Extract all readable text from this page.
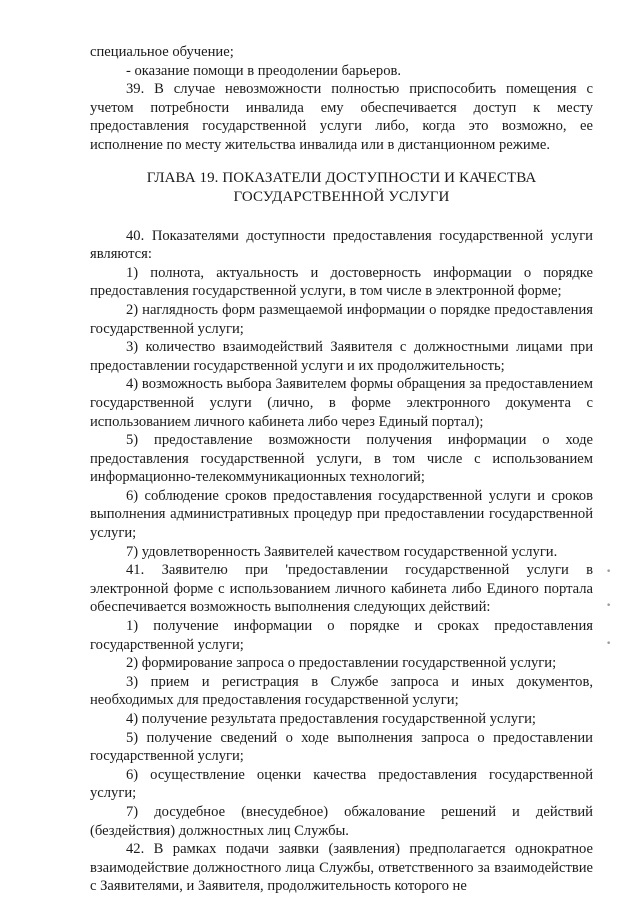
специальное обучение;

- оказание помощи в преодолении барьеров.

39. В случае невозможности полностью приспособить помещения с учетом потребности инвалида ему обеспечивается доступ к месту предоставления государственной услуги либо, когда это возможно, ее исполнение по месту жительства инвалида или в дистанционном режиме.

ГЛАВА 19. ПОКАЗАТЕЛИ ДОСТУПНОСТИ И КАЧЕСТВА
ГОСУДАРСТВЕННОЙ УСЛУГИ

40. Показателями доступности предоставления государственной услуги являются:

1) полнота, актуальность и достоверность информации о порядке предоставления государственной услуги, в том числе в электронной форме;

2) наглядность форм размещаемой информации о порядке предоставления государственной услуги;

3) количество взаимодействий Заявителя с должностными лицами при предоставлении государственной услуги и их продолжительность;

4) возможность выбора Заявителем формы обращения за предоставлением государственной услуги (лично, в форме электронного документа с использованием личного кабинета либо через Единый портал);

5) предоставление возможности получения информации о ходе предоставления государственной услуги, в том числе с использованием информационно-телекоммуникационных технологий;

6) соблюдение сроков предоставления государственной услуги и сроков выполнения административных процедур при предоставлении государственной услуги;

7) удовлетворенность Заявителей качеством государственной услуги.

41. Заявителю при 'предоставлении государственной услуги в электронной форме с использованием личного кабинета либо Единого портала обеспечивается возможность выполнения следующих действий:

1) получение информации о порядке и сроках предоставления государственной услуги;

2) формирование запроса о предоставлении государственной услуги;

3) прием и регистрация в Службе запроса и иных документов, необходимых для предоставления государственной услуги;

4) получение результата предоставления государственной услуги;

5) получение сведений о ходе выполнения запроса о предоставлении государственной услуги;

6) осуществление оценки качества предоставления государственной услуги;

7) досудебное (внесудебное) обжалование решений и действий (бездействия) должностных лиц Службы.

42. В рамках подачи заявки (заявления) предполагается однократное взаимодействие должностного лица Службы, ответственного за взаимодействие с Заявителями, и Заявителя, продолжительность которого не

•
•
•
